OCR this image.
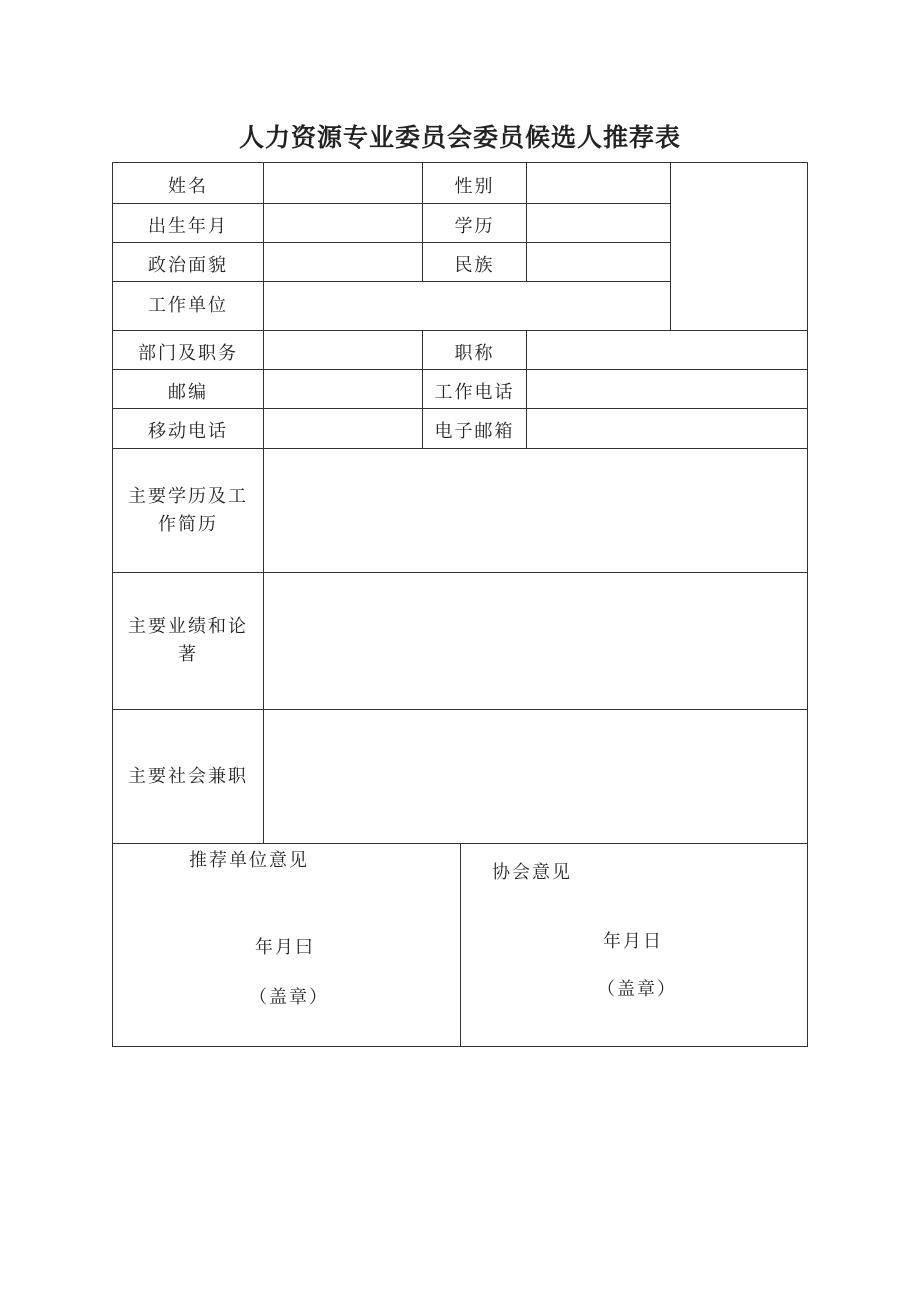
人力资源专业委员会委员候选人推荐表
姓名	性别
出生年月	学历
政治面貌	民族
工作单位
部门及职务	职称
邮编	工作电话
移动电话	电子邮箱
主要学历及工作简历
主要业绩和论著
主要社会兼职
推荐单位意见
年月曰
（盖章）
协会意见
年月日
（盖章）
